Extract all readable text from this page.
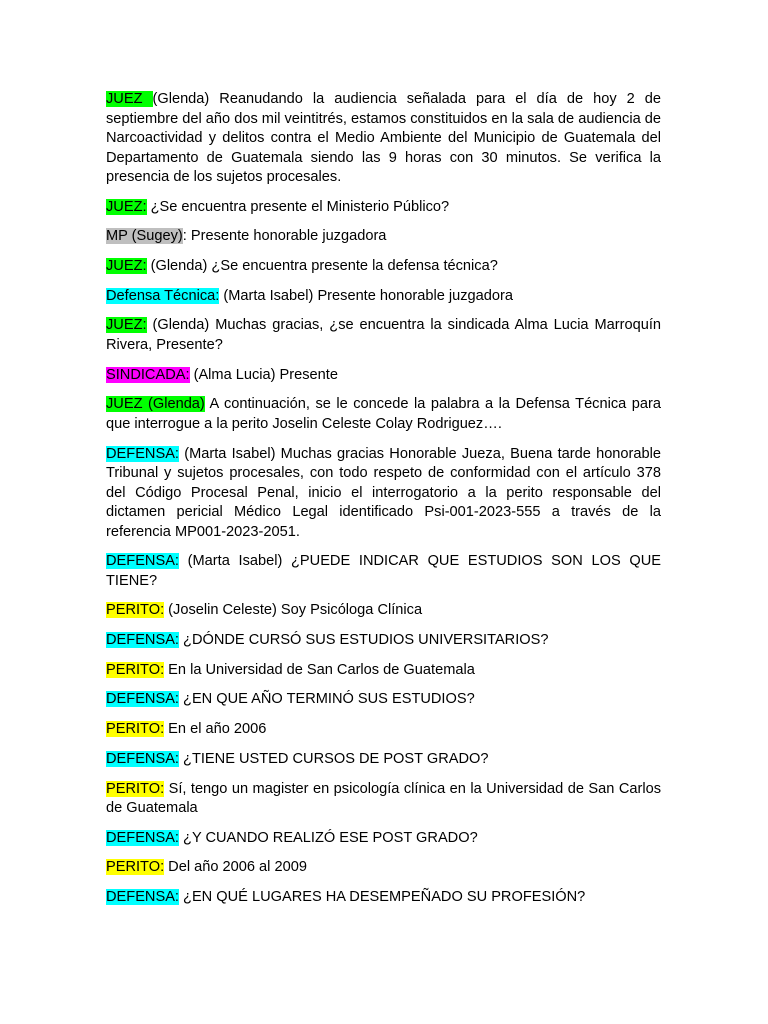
JUEZ (Glenda) Reanudando la audiencia señalada para el día de hoy 2 de septiembre del año dos mil veintitrés, estamos constituidos en la sala de audiencia de Narcoactividad y delitos contra el Medio Ambiente del Municipio de Guatemala del Departamento de Guatemala siendo las 9 horas con 30 minutos. Se verifica la presencia de los sujetos procesales.

JUEZ: ¿Se encuentra presente el Ministerio Público?

MP (Sugey): Presente honorable juzgadora

JUEZ: (Glenda) ¿Se encuentra presente la defensa técnica?

Defensa Técnica: (Marta Isabel) Presente honorable juzgadora

JUEZ: (Glenda) Muchas gracias, ¿se encuentra la sindicada Alma Lucia Marroquín Rivera, Presente?

SINDICADA: (Alma Lucia) Presente

JUEZ (Glenda) A continuación, se le concede la palabra a la Defensa Técnica para que interrogue a la perito Joselin Celeste Colay Rodriguez….

DEFENSA: (Marta Isabel) Muchas gracias Honorable Jueza, Buena tarde honorable Tribunal y sujetos procesales, con todo respeto de conformidad con el artículo 378 del Código Procesal Penal, inicio el interrogatorio a la perito responsable del dictamen pericial Médico Legal identificado Psi-001-2023-555 a través de la referencia MP001-2023-2051.

DEFENSA: (Marta Isabel) ¿PUEDE INDICAR QUE ESTUDIOS SON LOS QUE TIENE?

PERITO: (Joselin Celeste) Soy Psicóloga Clínica

DEFENSA: ¿DÓNDE CURSÓ SUS ESTUDIOS UNIVERSITARIOS?

PERITO: En la Universidad de San Carlos de Guatemala

DEFENSA: ¿EN QUE AÑO TERMINÓ SUS ESTUDIOS?

PERITO: En el año 2006

DEFENSA: ¿TIENE USTED CURSOS DE POST GRADO?

PERITO: Sí, tengo un magister en psicología clínica en la Universidad de San Carlos de Guatemala

DEFENSA: ¿Y CUANDO REALIZÓ ESE POST GRADO?

PERITO: Del año 2006 al 2009

DEFENSA: ¿EN QUÉ LUGARES HA DESEMPEÑADO SU PROFESIÓN?
